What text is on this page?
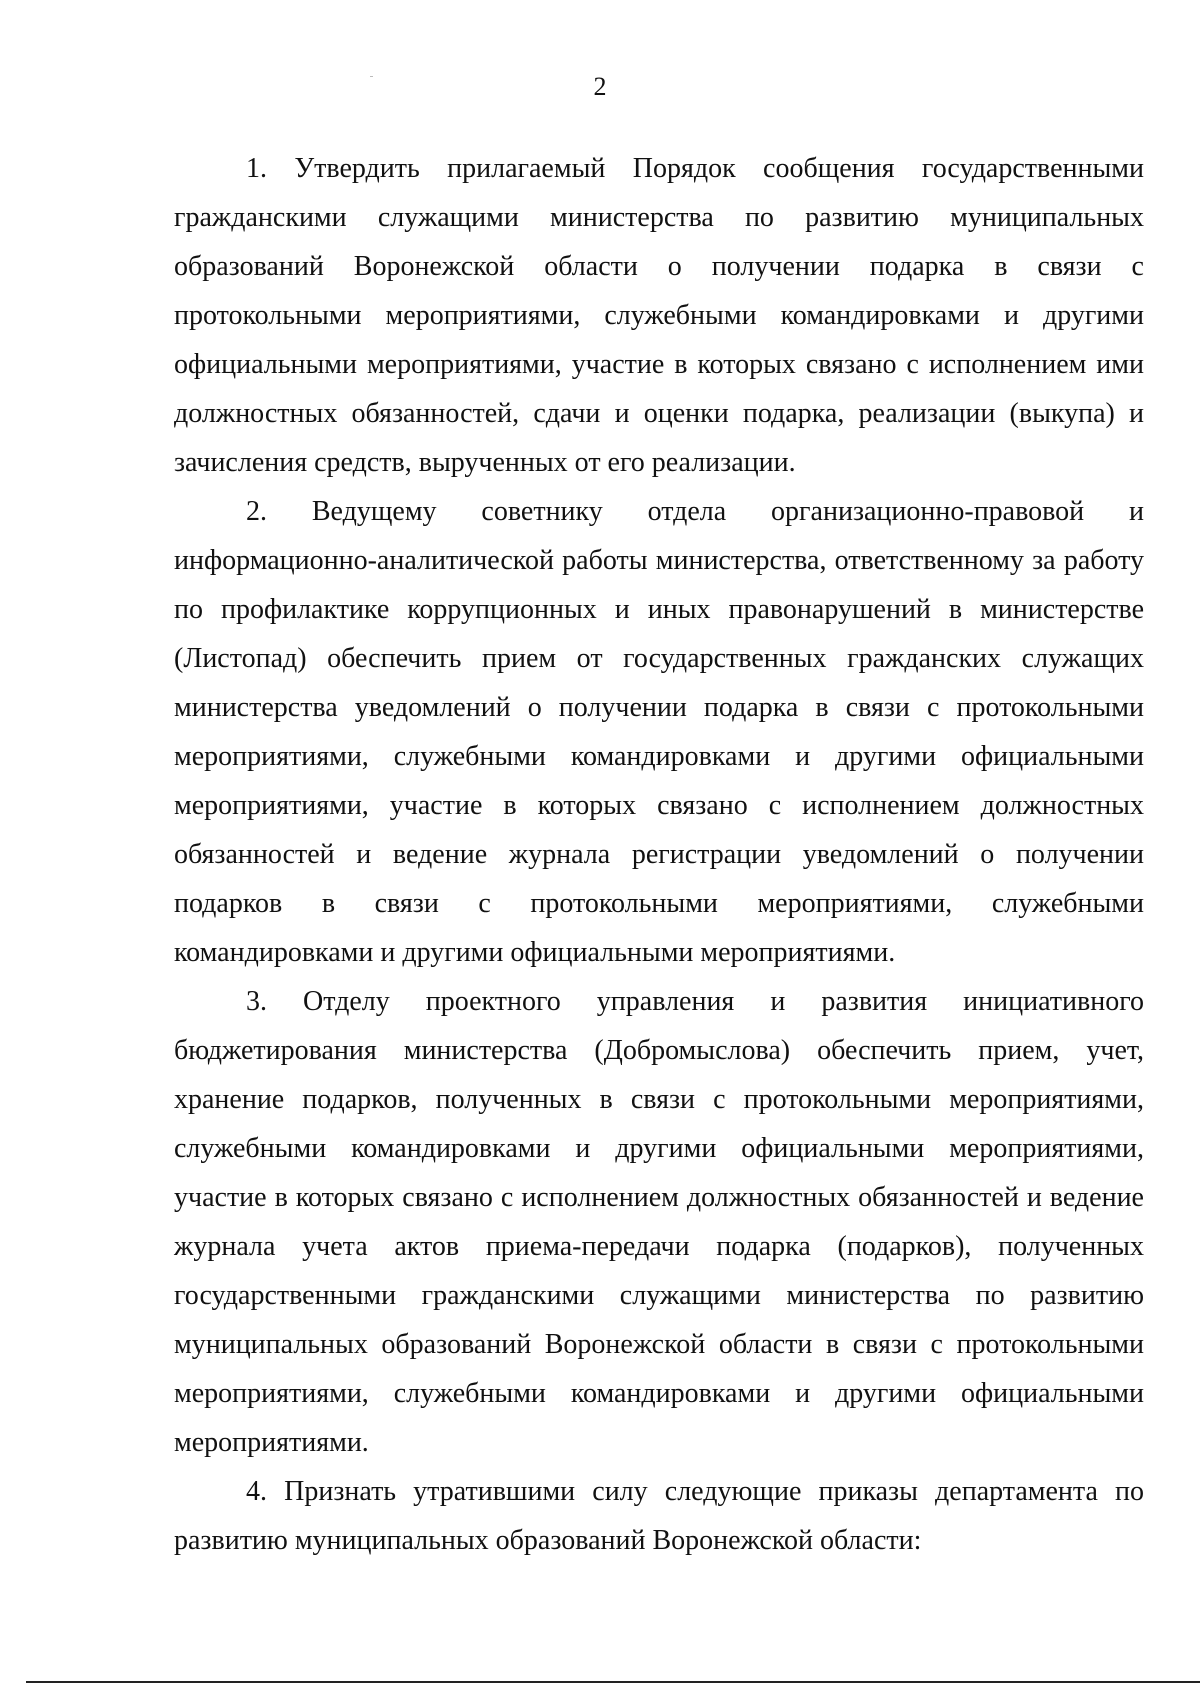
2

1. Утвердить прилагаемый Порядок сообщения государственными гражданскими служащими министерства по развитию муниципальных образований Воронежской области о получении подарка в связи с протокольными мероприятиями, служебными командировками и другими официальными мероприятиями, участие в которых связано с исполнением ими должностных обязанностей, сдачи и оценки подарка, реализации (выкупа) и зачисления средств, вырученных от его реализации.

2. Ведущему советнику отдела организационно-правовой и информационно-аналитической работы министерства, ответственному за работу по профилактике коррупционных и иных правонарушений в министерстве (Листопад) обеспечить прием от государственных гражданских служащих министерства уведомлений о получении подарка в связи с протокольными мероприятиями, служебными командировками и другими официальными мероприятиями, участие в которых связано с исполнением должностных обязанностей и ведение журнала регистрации уведомлений о получении подарков в связи с протокольными мероприятиями, служебными командировками и другими официальными мероприятиями.

3. Отделу проектного управления и развития инициативного бюджетирования министерства (Добромыслова) обеспечить прием, учет, хранение подарков, полученных в связи с протокольными мероприятиями, служебными командировками и другими официальными мероприятиями, участие в которых связано с исполнением должностных обязанностей и ведение журнала учета актов приема-передачи подарка (подарков), полученных государственными гражданскими служащими министерства по развитию муниципальных образований Воронежской области в связи с протокольными мероприятиями, служебными командировками и другими официальными мероприятиями.

4. Признать утратившими силу следующие приказы департамента по развитию муниципальных образований Воронежской области:
